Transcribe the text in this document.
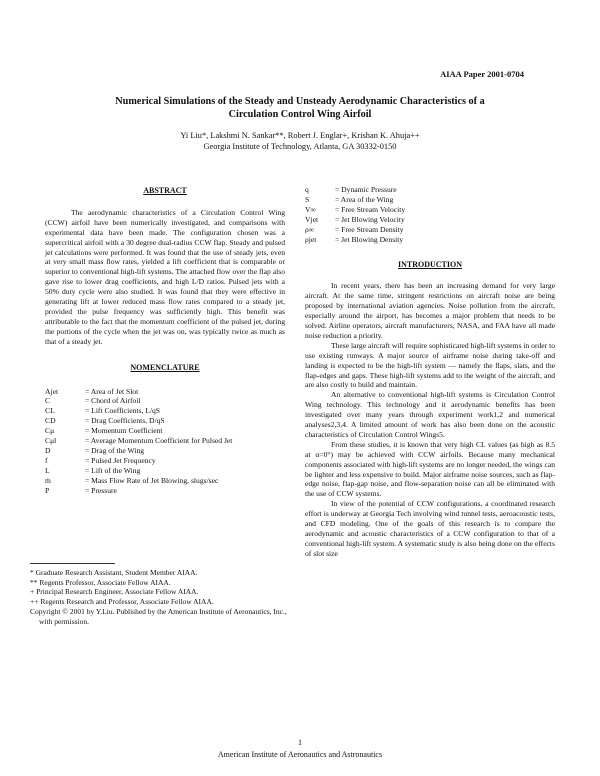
AIAA Paper 2001-0704
Numerical Simulations of the Steady and Unsteady Aerodynamic Characteristics of a
Circulation Control Wing Airfoil
Yi Liu*, Lakshmi N. Sankar**, Robert J. Englar+, Krishan K. Ahuja++
Georgia Institute of Technology, Atlanta, GA 30332-0150
ABSTRACT

The aerodynamic characteristics of a Circulation Control Wing (CCW) airfoil have been numerically investigated, and comparisons with experimental data have been made. The configuration chosen was a supercritical airfoil with a 30 degree dual-radius CCW flap. Steady and pulsed jet calculations were performed. It was found that the use of steady jets, even at very small mass flow rates, yielded a lift coefficient that is comparable or superior to conventional high-lift systems. The attached flow over the flap also gave rise to lower drag coefficients, and high L/D ratios. Pulsed jets with a 50% duty cycle were also studied. It was found that they were effective in generating lift at lower reduced mass flow rates compared to a steady jet, provided the pulse frequency was sufficiently high. This benefit was attributable to the fact that the momentum coefficient of the pulsed jet, during the portions of the cycle when the jet was on, was typically twice as much as that of a steady jet.

NOMENCLATURE
Ajet	= Area of Jet Slot
C	= Chord of Airfoil
CL	= Lift Coefficients, L/qS
CD	= Drag Coefficients, D/qS
Cμ	= Momentum Coefficient
Cμl	= Average Momentum Coefficient for Pulsed Jet
D	= Drag of the Wing
f	= Pulsed Jet Frequency
L	= Lift of the Wing
ṁ	= Mass Flow Rate of Jet Blowing, slugs/sec
P	= Pressure
* Graduate Research Assistant, Student Member AIAA.
** Regents Professor, Associate Fellow AIAA.
+ Principal Research Engineer, Associate Fellow AIAA.
++ Regents Research and Professor, Associate Fellow AIAA.
Copyright © 2001 by Y.Liu. Published by the American Institute of Aeronautics, Inc., with permission.
q	= Dynamic Pressure
S	= Area of the Wing
V∞	= Free Stream Velocity
Vjet	= Jet Blowing Velocity
ρ∞	= Free Stream Density
ρjet	= Jet Blowing Density
INTRODUCTION

In recent years, there has been an increasing demand for very large aircraft. At the same time, stringent restrictions on aircraft noise are being proposed by international aviation agencies. Noise pollution from the aircraft, especially around the airport, has becomes a major problem that needs to be solved. Airline operators, aircraft manufacturers, NASA, and FAA have all made noise reduction a priority.

These large aircraft will require sophisticated high-lift systems in order to use existing runways. A major source of airframe noise during take-off and landing is expected to be the high-lift system — namely the flaps, slats, and the flap-edges and gaps. These high-lift systems add to the weight of the aircraft, and are also costly to build and maintain.

An alternative to conventional high-lift systems is Circulation Control Wing technology. This technology and it aerodynamic benefits has been investigated over many years through experiment work1,2 and numerical analyses2,3,4. A limited amount of work has also been done on the acoustic characteristics of Circulation Control Wings5.

From these studies, it is known that very high CL values (as high as 8.5 at α=0°) may be achieved with CCW airfoils. Because many mechanical components associated with high-lift systems are no longer needed, the wings can be lighter and less expensive to build. Major airframe noise sources, such as flap-edge noise, flap-gap noise, and flow-separation noise can all be eliminated with the use of CCW systems.

In view of the potential of CCW configurations, a coordinated research effort is underway at Georgia Tech involving wind tunnel tests, aeroacoustic tests, and CFD modeling. One of the goals of this research is to compare the aerodynamic and acoustic characteristics of a CCW configuration to that of a conventional high-lift system. A systematic study is also being done on the effects of slot size

1
American Institute of Aeronautics and Astronautics
